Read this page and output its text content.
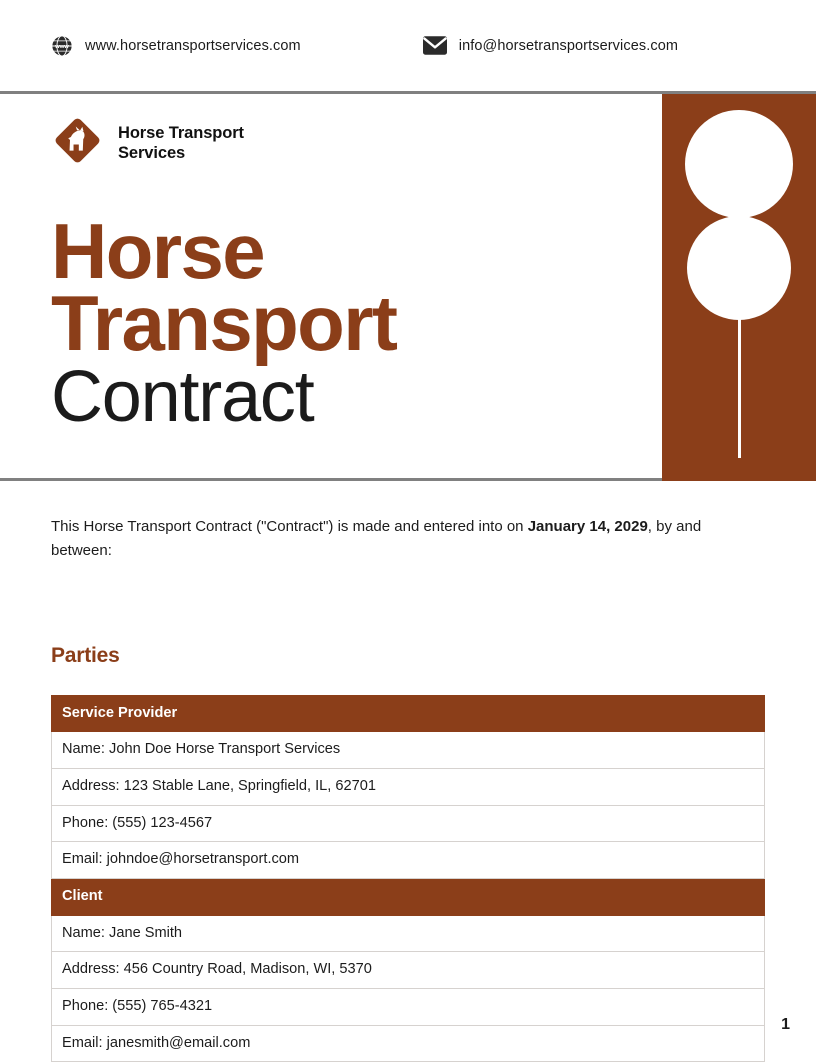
www www.horsetransportservices.com	info@horsetransportservices.com
Horse Transport
Services
Horse
Transport
Contract

This Horse Transport Contract ("Contract") is made and entered into on January 14, 2029, by and between:

Parties
Service Provider
Name: John Doe Horse Transport Services
Address: 123 Stable Lane, Springfield, IL, 62701
Phone: (555) 123-4567
Email: johndoe@horsetransport.com
Client
Name: Jane Smith
Address: 456 Country Road, Madison, WI, 5370
Phone: (555) 765-4321
Email: janesmith@email.com
1
